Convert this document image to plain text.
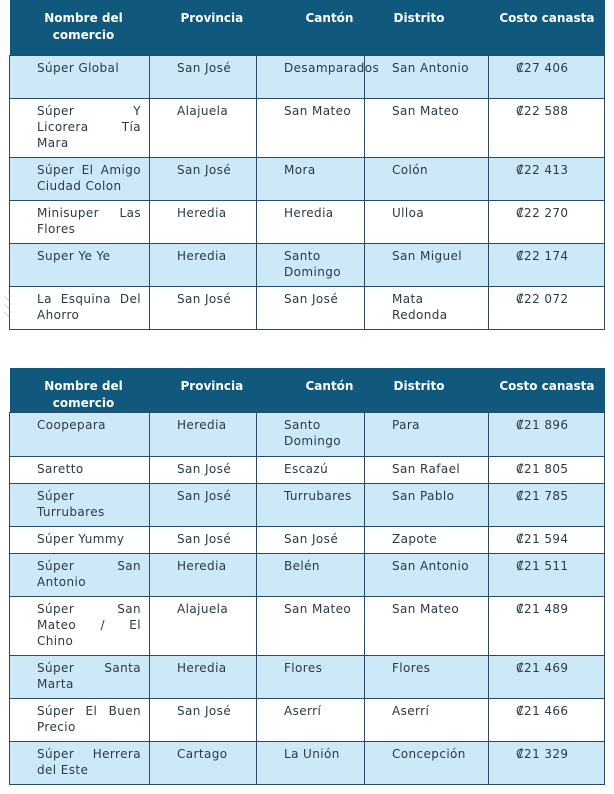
Nombre del comercio	Provincia	Cantón	Distrito	Costo canasta
Súper Global	San José	Desamparados	San Antonio	₡27 406
Súper Y Licorera Tía Mara	Alajuela	San Mateo	San Mateo	₡22 588
Súper El Amigo Ciudad Colon	San José	Mora	Colón	₡22 413
Minisuper Las Flores	Heredia	Heredia	Ulloa	₡22 270
Super Ye Ye	Heredia	Santo Domingo	San Miguel	₡22 174
La Esquina Del Ahorro	San José	San José	Mata Redonda	₡22 072
Nombre del comercio	Provincia	Cantón	Distrito	Costo canasta
Coopepara	Heredia	Santo Domingo	Para	₡21 896
Saretto	San José	Escazú	San Rafael	₡21 805
Súper Turrubares	San José	Turrubares	San Pablo	₡21 785
Súper Yummy	San José	San José	Zapote	₡21 594
Súper San Antonio	Heredia	Belén	San Antonio	₡21 511
Súper San Mateo / El Chino	Alajuela	San Mateo	San Mateo	₡21 489
Súper Santa Marta	Heredia	Flores	Flores	₡21 469
Súper El Buen Precio	San José	Aserrí	Aserrí	₡21 466
Súper Herrera del Este	Cartago	La Unión	Concepción	₡21 329
